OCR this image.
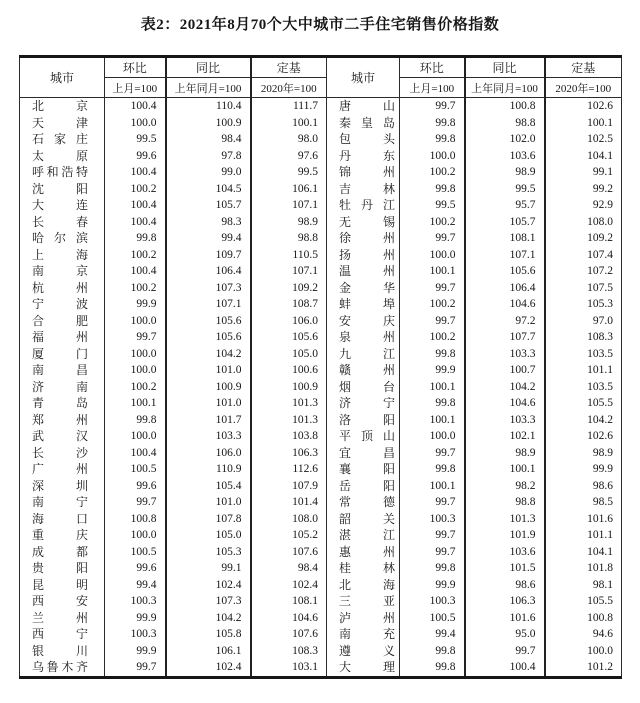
表2：2021年8月70个大中城市二手住宅销售价格指数
城市	环比	同比	定基	城市	环比	同比	定基
	上月=100	上年同月=100	2020年=100		上月=100	上年同月=100	2020年=100

北 京	100.4	110.4	111.7	唐 山	99.7	100.8	102.6

天 津	100.0	100.9	100.1	秦 皇 岛	99.8	98.8	100.1

石 家 庄	99.5	98.4	98.0	包 头	99.8	102.0	102.5

太 原	99.6	97.8	97.6	丹 东	100.0	103.6	104.1

呼 和 浩 特	100.4	99.0	99.5	锦 州	100.2	98.9	99.1

沈 阳	100.2	104.5	106.1	吉 林	99.8	99.5	99.2

大 连	100.4	105.7	107.1	牡 丹 江	99.5	95.7	92.9

长 春	100.4	98.3	98.9	无 锡	100.2	105.7	108.0

哈 尔 滨	99.8	99.4	98.8	徐 州	99.7	108.1	109.2

上 海	100.2	109.7	110.5	扬 州	100.0	107.1	107.4

南 京	100.4	106.4	107.1	温 州	100.1	105.6	107.2

杭 州	100.2	107.3	109.2	金 华	99.7	106.4	107.5

宁 波	99.9	107.1	108.7	蚌 埠	100.2	104.6	105.3

合 肥	100.0	105.6	106.0	安 庆	99.7	97.2	97.0

福 州	99.7	105.6	105.6	泉 州	100.2	107.7	108.3

厦 门	100.0	104.2	105.0	九 江	99.8	103.3	103.5

南 昌	100.0	101.0	100.6	赣 州	99.9	100.7	101.1

济 南	100.2	100.9	100.9	烟 台	100.1	104.2	103.5

青 岛	100.1	101.0	101.3	济 宁	99.8	104.6	105.5

郑 州	99.8	101.7	101.3	洛 阳	100.1	103.3	104.2

武 汉	100.0	103.3	103.8	平 顶 山	100.0	102.1	102.6

长 沙	100.4	106.0	106.3	宜 昌	99.7	98.9	98.9

广 州	100.5	110.9	112.6	襄 阳	99.8	100.1	99.9

深 圳	99.6	105.4	107.9	岳 阳	100.1	98.2	98.6

南 宁	99.7	101.0	101.4	常 德	99.7	98.8	98.5

海 口	100.8	107.8	108.0	韶 关	100.3	101.3	101.6

重 庆	100.0	105.0	105.2	湛 江	99.7	101.9	101.1

成 都	100.5	105.3	107.6	惠 州	99.7	103.6	104.1

贵 阳	99.6	99.1	98.4	桂 林	99.8	101.5	101.8

昆 明	99.4	102.4	102.4	北 海	99.9	98.6	98.1

西 安	100.3	107.3	108.1	三 亚	100.3	106.3	105.5

兰 州	99.9	104.2	104.6	泸 州	100.5	101.6	100.8

西 宁	100.3	105.8	107.6	南 充	99.4	95.0	94.6

银 川	99.9	106.1	108.3	遵 义	99.8	99.7	100.0

乌 鲁 木 齐	99.7	102.4	103.1	大 理	99.8	100.4	101.2
